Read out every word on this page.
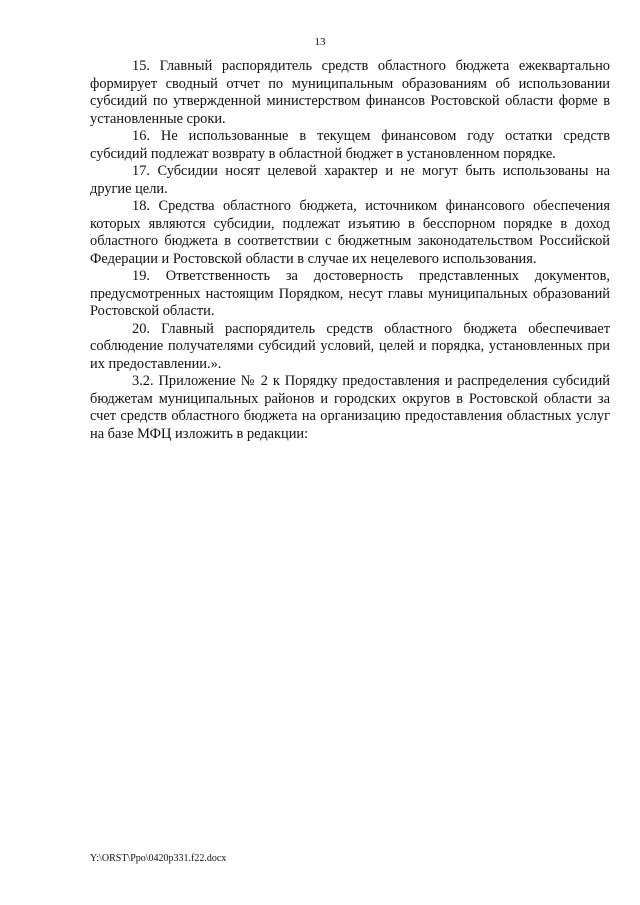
13

15. Главный распорядитель средств областного бюджета ежеквартально формирует сводный отчет по муниципальным образованиям об использовании субсидий по утвержденной министерством финансов Ростовской области форме в установленные сроки.

16. Не использованные в текущем финансовом году остатки средств субсидий подлежат возврату в областной бюджет в установленном порядке.

17. Субсидии носят целевой характер и не могут быть использованы на другие цели.

18. Средства областного бюджета, источником финансового обеспечения которых являются субсидии, подлежат изъятию в бесспорном порядке в доход областного бюджета в соответствии с бюджетным законодательством Российской Федерации и Ростовской области в случае их нецелевого использования.

19. Ответственность за достоверность представленных документов, предусмотренных настоящим Порядком, несут главы муниципальных образований Ростовской области.

20. Главный распорядитель средств областного бюджета обеспечивает соблюдение получателями субсидий условий, целей и порядка, установленных при их предоставлении.».

3.2. Приложение № 2 к Порядку предоставления и распределения субсидий бюджетам муниципальных районов и городских округов в Ростовской области за счет средств областного бюджета на организацию предоставления областных услуг на базе МФЦ изложить в редакции:

Y:\ORST\Ppo\0420p331.f22.docx
